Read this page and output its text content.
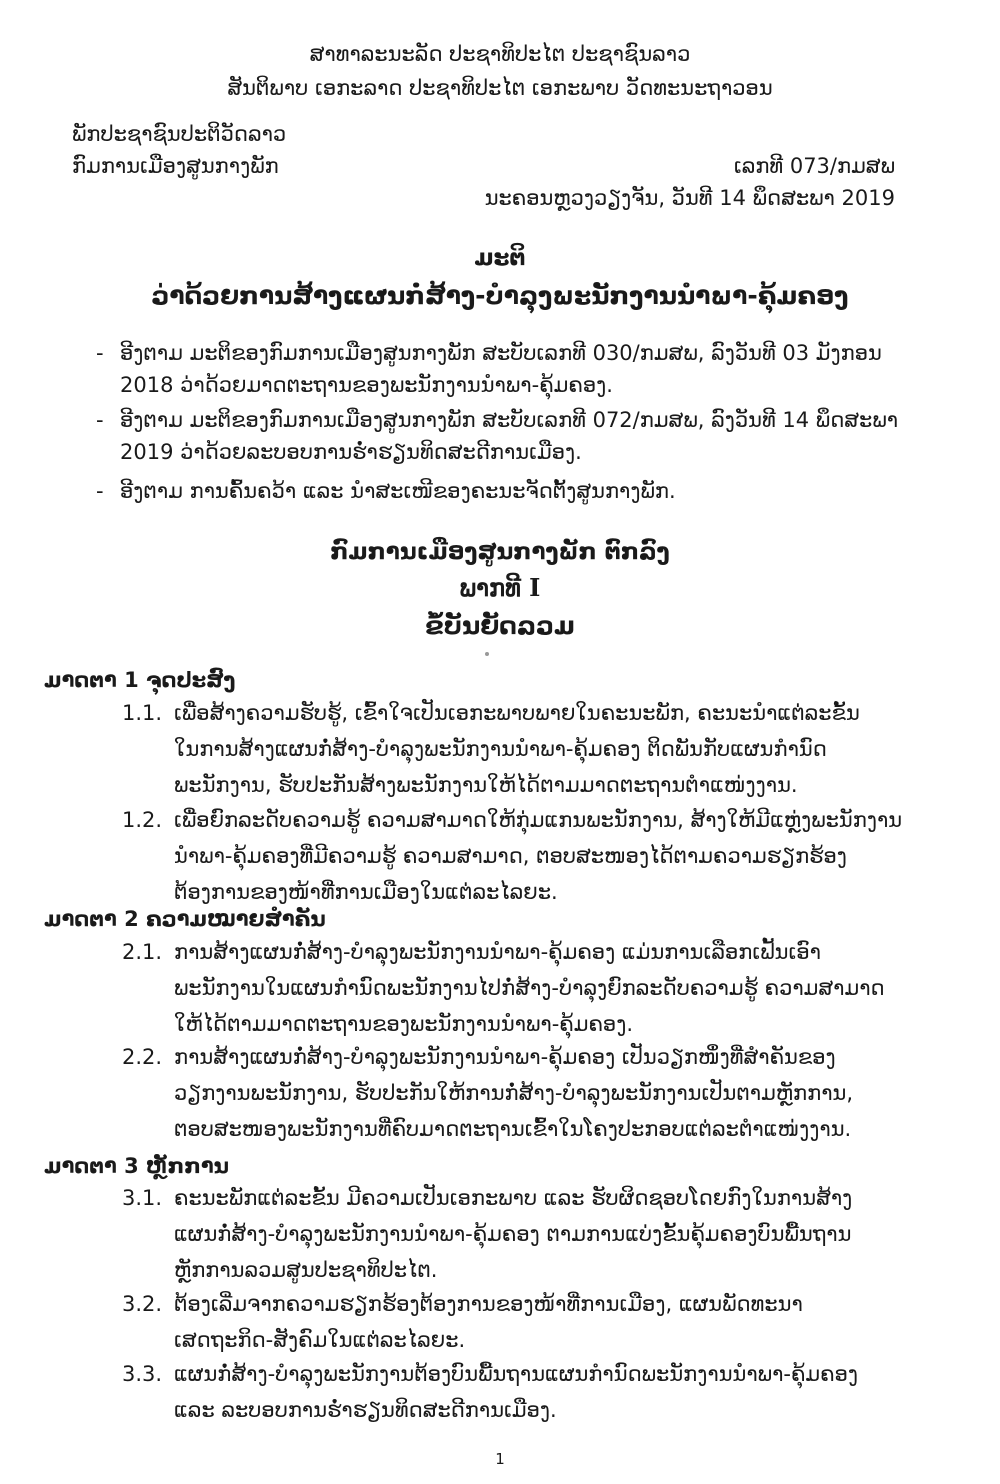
ສາທາລະນະລັດ ປະຊາທິປະໄຕ ປະຊາຊົນລາວ
ສັນຕິພາບ ເອກະລາດ ປະຊາທິປະໄຕ ເອກະພາບ ວັດທະນະຖາວອນ
ພັກປະຊາຊົນປະຕິວັດລາວ
ກົມການເມືອງສູນກາງພັກ	ເລກທີ 073/ກມສພ
ນະຄອນຫຼວງວຽງຈັນ, ວັນທີ 14 ພຶດສະພາ 2019
ມະຕິ
ວ່າດ້ວຍການສ້າງແຜນກໍ່ສ້າງ-ບໍາລຸງພະນັກງານນໍາພາ-ຄຸ້ມຄອງ
- ອີງຕາມ ມະຕິຂອງກົມການເມືອງສູນກາງພັກ ສະບັບເລກທີ 030/ກມສພ, ລົງວັນທີ 03 ມັງກອນ
2018 ວ່າດ້ວຍມາດຕະຖານຂອງພະນັກງານນໍາພາ-ຄຸ້ມຄອງ.
- ອີງຕາມ ມະຕິຂອງກົມການເມືອງສູນກາງພັກ ສະບັບເລກທີ 072/ກມສພ, ລົງວັນທີ 14 ພຶດສະພາ
2019 ວ່າດ້ວຍລະບອບການຮໍ່າຮຽນທິດສະດີການເມືອງ.
- ອີງຕາມ ການຄົ້ນຄວ້າ ແລະ ນໍາສະເໜີຂອງຄະນະຈັດຕັ້ງສູນກາງພັກ.
ກົມການເມືອງສູນກາງພັກ ຕົກລົງ
ພາກທີ I
ຂໍ້ບັນຍັດລວມ
ມາດຕາ 1 ຈຸດປະສົງ
1.1. ເພື່ອສ້າງຄວາມຮັບຮູ້, ເຂົ້າໃຈເປັນເອກະພາບພາຍໃນຄະນະພັກ, ຄະນະນໍາແຕ່ລະຂັ້ນ
ໃນການສ້າງແຜນກໍ່ສ້າງ-ບໍາລຸງພະນັກງານນໍາພາ-ຄຸ້ມຄອງ ຕິດພັນກັບແຜນກໍານົດ
ພະນັກງານ, ຮັບປະກັນສ້າງພະນັກງານໃຫ້ໄດ້ຕາມມາດຕະຖານຕໍາແໜ່ງງານ.
1.2. ເພື່ອຍົກລະດັບຄວາມຮູ້ ຄວາມສາມາດໃຫ້ກຸ່ມແກນພະນັກງານ, ສ້າງໃຫ້ມີແຫຼ່ງພະນັກງານ
ນໍາພາ-ຄຸ້ມຄອງທີ່ມີຄວາມຮູ້ ຄວາມສາມາດ, ຕອບສະໜອງໄດ້ຕາມຄວາມຮຽກຮ້ອງ
ຕ້ອງການຂອງໜ້າທີ່ການເມືອງໃນແຕ່ລະໄລຍະ.
ມາດຕາ 2 ຄວາມໝາຍສໍາຄັນ
2.1. ການສ້າງແຜນກໍ່ສ້າງ-ບໍາລຸງພະນັກງານນໍາພາ-ຄຸ້ມຄອງ ແມ່ນການເລືອກເຟັ້ນເອົາ
ພະນັກງານໃນແຜນກໍານົດພະນັກງານໄປກໍ່ສ້າງ-ບໍາລຸງຍົກລະດັບຄວາມຮູ້ ຄວາມສາມາດ
ໃຫ້ໄດ້ຕາມມາດຕະຖານຂອງພະນັກງານນໍາພາ-ຄຸ້ມຄອງ.
2.2. ການສ້າງແຜນກໍ່ສ້າງ-ບໍາລຸງພະນັກງານນໍາພາ-ຄຸ້ມຄອງ ເປັນວຽກໜຶ່ງທີ່ສໍາຄັນຂອງ
ວຽກງານພະນັກງານ, ຮັບປະກັນໃຫ້ການກໍ່ສ້າງ-ບໍາລຸງພະນັກງານເປັນຕາມຫຼັກການ,
ຕອບສະໜອງພະນັກງານທີ່ຄົບມາດຕະຖານເຂົ້າໃນໂຄງປະກອບແຕ່ລະຕໍາແໜ່ງງານ.
ມາດຕາ 3 ຫຼັກການ
3.1. ຄະນະພັກແຕ່ລະຂັ້ນ ມີຄວາມເປັນເອກະພາບ ແລະ ຮັບຜິດຊອບໂດຍກົງໃນການສ້າງ
ແຜນກໍ່ສ້າງ-ບໍາລຸງພະນັກງານນໍາພາ-ຄຸ້ມຄອງ ຕາມການແບ່ງຂັ້ນຄຸ້ມຄອງບົນພື້ນຖານ
ຫຼັກການລວມສູນປະຊາທິປະໄຕ.
3.2. ຕ້ອງເລີ່ມຈາກຄວາມຮຽກຮ້ອງຕ້ອງການຂອງໜ້າທີ່ການເມືອງ, ແຜນພັດທະນາ
ເສດຖະກິດ-ສັງຄົມໃນແຕ່ລະໄລຍະ.
3.3. ແຜນກໍ່ສ້າງ-ບໍາລຸງພະນັກງານຕ້ອງບົນພື້ນຖານແຜນກໍານົດພະນັກງານນໍາພາ-ຄຸ້ມຄອງ
ແລະ ລະບອບການຮໍ່າຮຽນທິດສະດີການເມືອງ.
1
